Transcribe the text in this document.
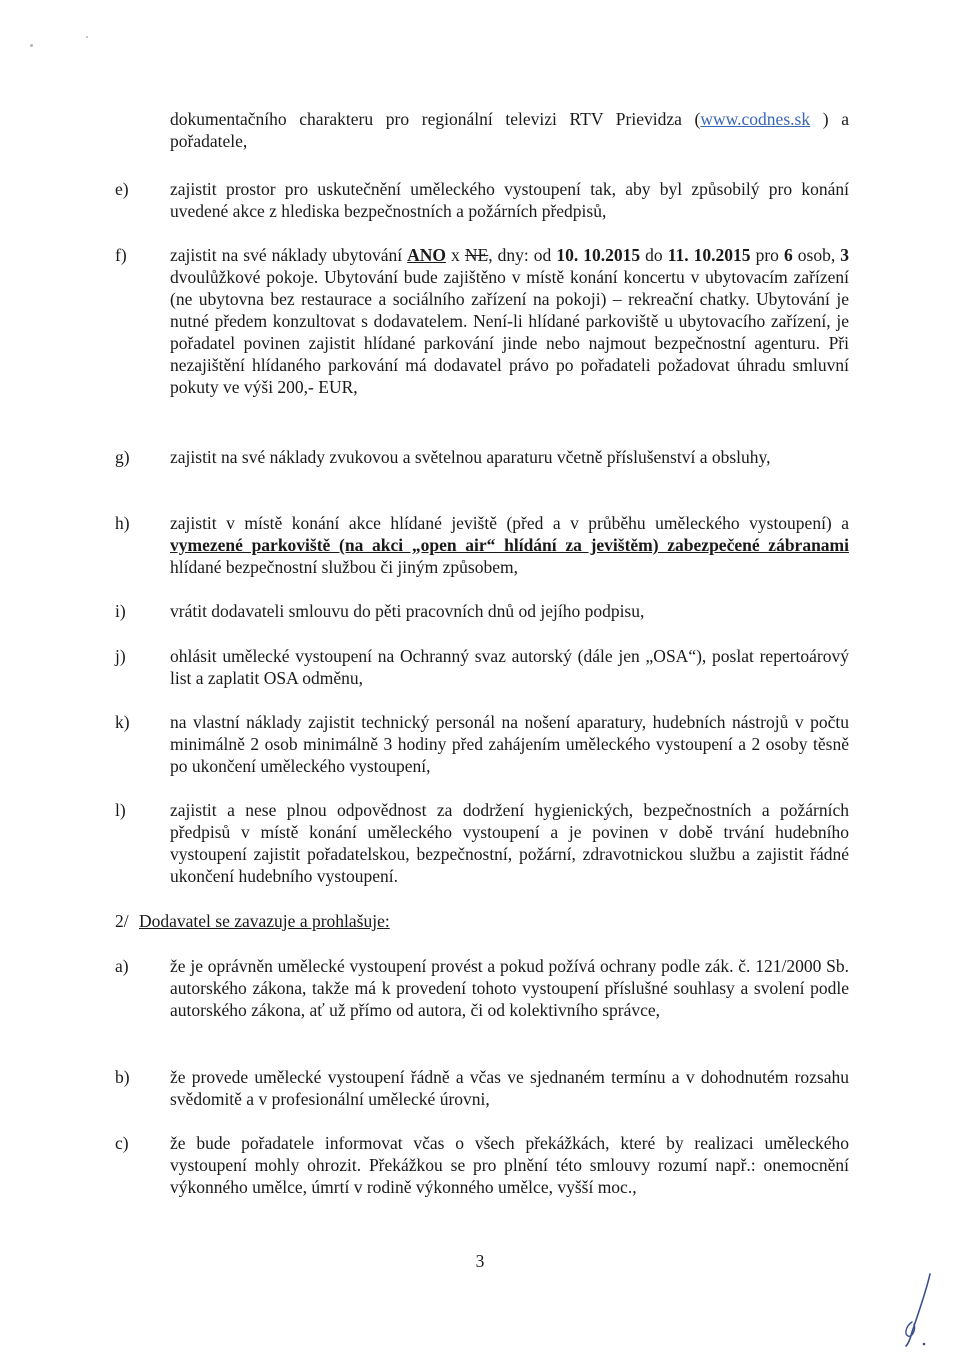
dokumentačního charakteru pro regionální televizi RTV Prievidza (www.codnes.sk ) a pořadatele,

e) zajistit prostor pro uskutečnění uměleckého vystoupení tak, aby byl způsobilý pro konání uvedené akce z hlediska bezpečnostních a požárních předpisů,

f) zajistit na své náklady ubytování ANO x NE, dny: od 10. 10.2015 do 11. 10.2015 pro 6 osob, 3 dvoulůžkové pokoje. Ubytování bude zajištěno v místě konání koncertu v ubytovacím zařízení (ne ubytovna bez restaurace a sociálního zařízení na pokoji) – rekreační chatky. Ubytování je nutné předem konzultovat s dodavatelem. Není-li hlídané parkoviště u ubytovacího zařízení, je pořadatel povinen zajistit hlídané parkování jinde nebo najmout bezpečnostní agenturu. Při nezajištění hlídaného parkování má dodavatel právo po pořadateli požadovat úhradu smluvní pokuty ve výši 200,- EUR,

g) zajistit na své náklady zvukovou a světelnou aparaturu včetně příslušenství a obsluhy,

h) zajistit v místě konání akce hlídané jeviště (před a v průběhu uměleckého vystoupení) a vymezené parkoviště (na akci „open air“ hlídání za jevištěm) zabezpečené zábranami hlídané bezpečnostní službou či jiným způsobem,

i)	vrátit dodavateli smlouvu do pěti pracovních dnů od jejího podpisu,

j)	ohlásit umělecké vystoupení na Ochranný svaz autorský (dále jen „OSA“), poslat repertoárový list a zaplatit OSA odměnu,

k) na vlastní náklady zajistit technický personál na nošení aparatury, hudebních nástrojů v počtu minimálně 2 osob minimálně 3 hodiny před zahájením uměleckého vystoupení a 2 osoby těsně po ukončení uměleckého vystoupení,

l)	zajistit a nese plnou odpovědnost za dodržení hygienických, bezpečnostních a požárních předpisů v místě konání uměleckého vystoupení a je povinen v době trvání hudebního vystoupení zajistit pořadatelskou, bezpečnostní, požární, zdravotnickou službu a zajistit řádné ukončení hudebního vystoupení.

2/ Dodavatel se zavazuje a prohlašuje:
a) že je oprávněn umělecké vystoupení provést a pokud požívá ochrany podle zák. č. 121/2000 Sb. autorského zákona, takže má k provedení tohoto vystoupení příslušné souhlasy a svolení podle autorského zákona, ať už přímo od autora, či od kolektivního správce,

b) že provede umělecké vystoupení řádně a včas ve sjednaném termínu a v dohodnutém rozsahu svědomitě a v profesionální umělecké úrovni,

c) že bude pořadatele informovat včas o všech překážkách, které by realizaci uměleckého vystoupení mohly ohrozit. Překážkou se pro plnění této smlouvy rozumí např.: onemocnění výkonného umělce, úmrtí v rodině výkonného umělce, vyšší moc.,

3
